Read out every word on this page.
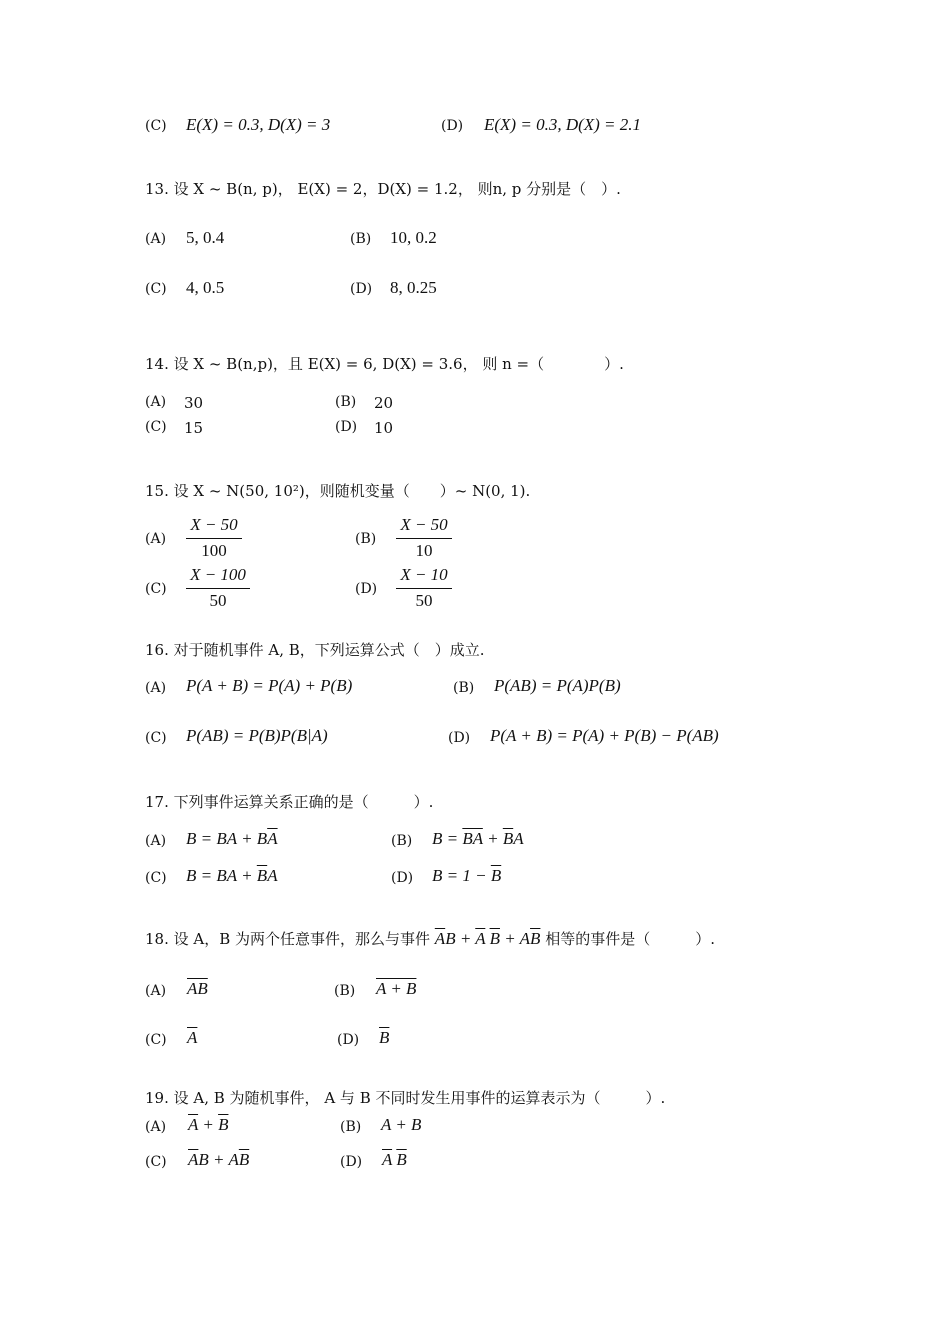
(C) E(X) = 0.3, D(X) = 3	(D) E(X) = 0.3, D(X) = 2.1
13. 设 X ~ B(n, p)， E(X) = 2，D(X) = 1.2， 则n, p 分别是（　）.
(A) 5, 0.4	(B) 10, 0.2
(C) 4, 0.5	(D) 8, 0.25
14. 设 X ~ B(n,p)，且 E(X) = 6, D(X) = 3.6， 则 n =（　　　　）.
(A) 30	(B) 20
(C) 15	(D) 10
15. 设 X ~ N(50, 10²)，则随机变量（　　）~ N(0, 1).
$(A) \frac{X - 50}{100}$	$(B) \frac{X - 50}{10}$
$(C) \frac{X - 100}{50}$	$(D) \frac{X - 10}{50}$
16. 对于随机事件 A, B，下列运算公式（　）成立.
(A) P(A + B) = P(A) + P(B)	(B) P(AB) = P(A)P(B)
(C) P(AB) = P(B)P(B|A)	(D) P(A + B) = P(A) + P(B) − P(AB)
17. 下列事件运算关系正确的是（　　　）.
(A) B = BA + $B\overline{A}$	(B) $B = \overline{BA} + \overline{B}A$
(C) B = BA + $\overline{B}A$	(D) $B = 1 - \overline{B}$
18. 设 A，B 为两个任意事件，那么与事件 $\overline{A}B + \overline{A}$ $\overline{B} + A\overline{B}$ 相等的事件是（　　　）.
(A) $\overline{AB}$	(B) A + B
(C) $\overline{A}$	(D) $\overline{B}$
19. 设 A, B 为随机事件， A 与 B 不同时发生用事件的运算表示为（　　　）.
(A) $\overline{A} + \overline{B}$	(B) A + B
(C) $\overline{A}B + A\overline{B}$	(D) $\overline{A}$ $\overline{B}$
